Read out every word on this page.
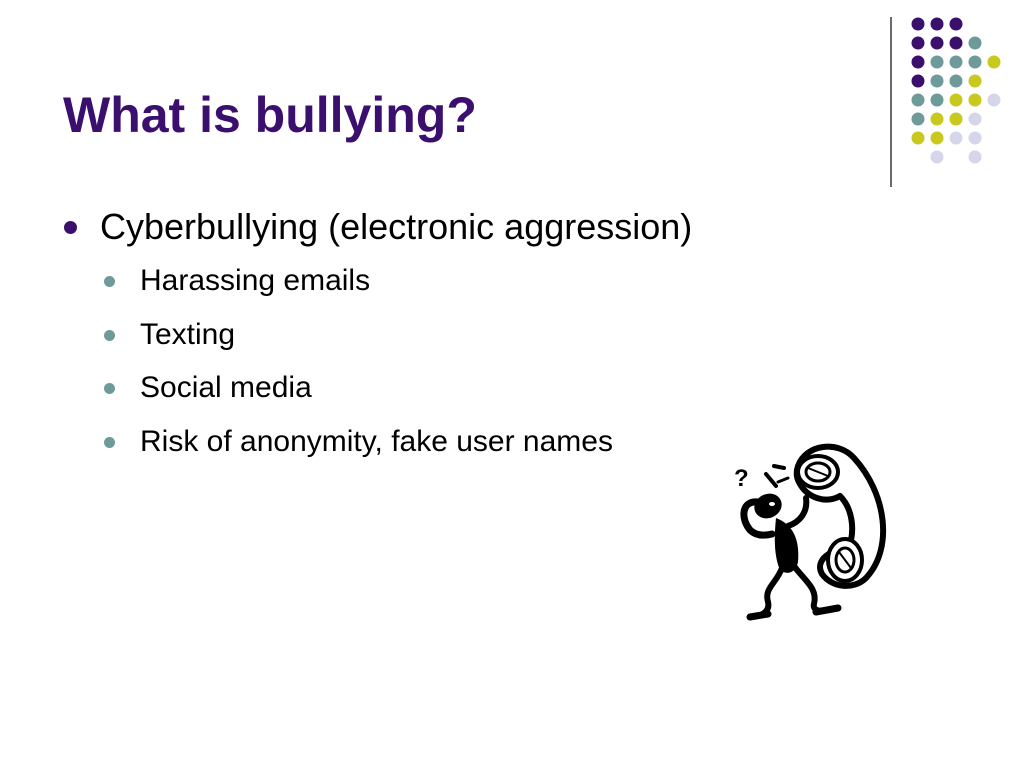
What is bullying?
Cyberbullying (electronic aggression)
Harassing emails
Texting
Social media
Risk of anonymity, fake user names
?
